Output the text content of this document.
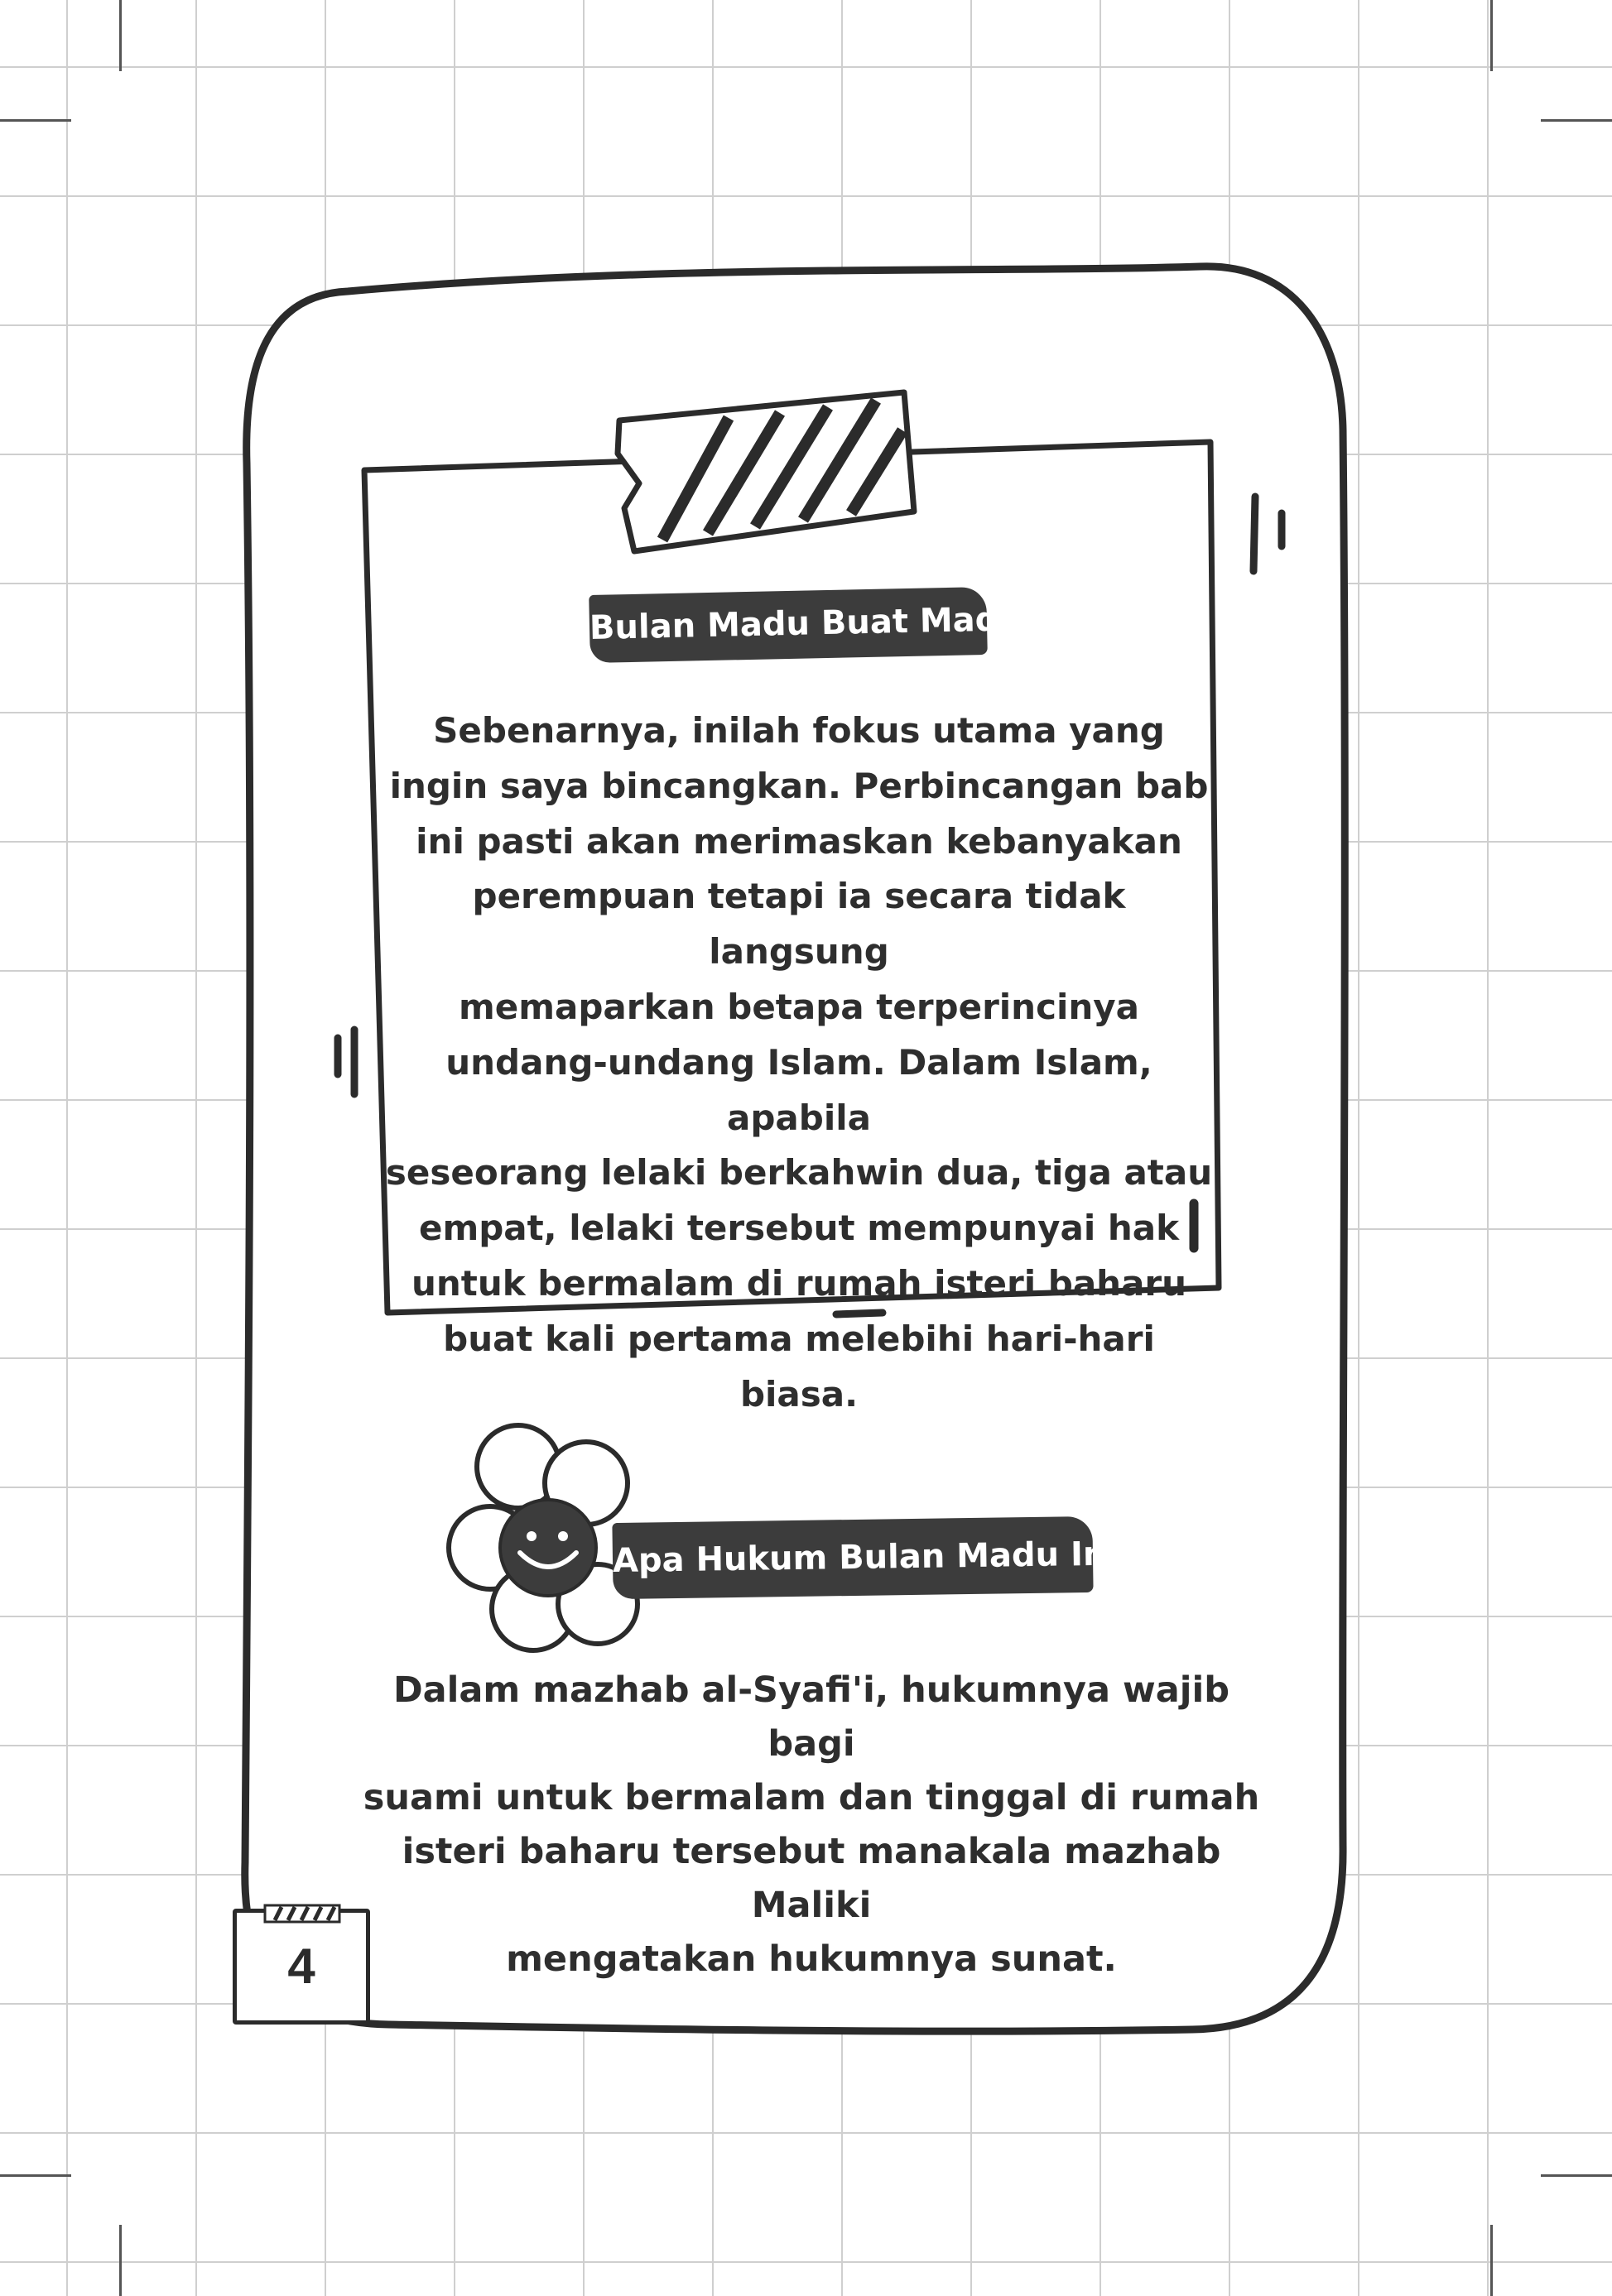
Bulan Madu Buat Madu

Sebenarnya, inilah fokus utama yang
ingin saya bincangkan. Perbincangan bab
ini pasti akan merimaskan kebanyakan
perempuan tetapi ia secara tidak langsung
memaparkan betapa terperincinya
undang-undang Islam. Dalam Islam, apabila
seseorang lelaki berkahwin dua, tiga atau
empat, lelaki tersebut mempunyai hak
untuk bermalam di rumah isteri baharu
buat kali pertama melebihi hari-hari biasa.

Apa Hukum Bulan Madu Ini?

Dalam mazhab al-Syafi'i, hukumnya wajib bagi
suami untuk bermalam dan tinggal di rumah
isteri baharu tersebut manakala mazhab Maliki
mengatakan hukumnya sunat.

4
